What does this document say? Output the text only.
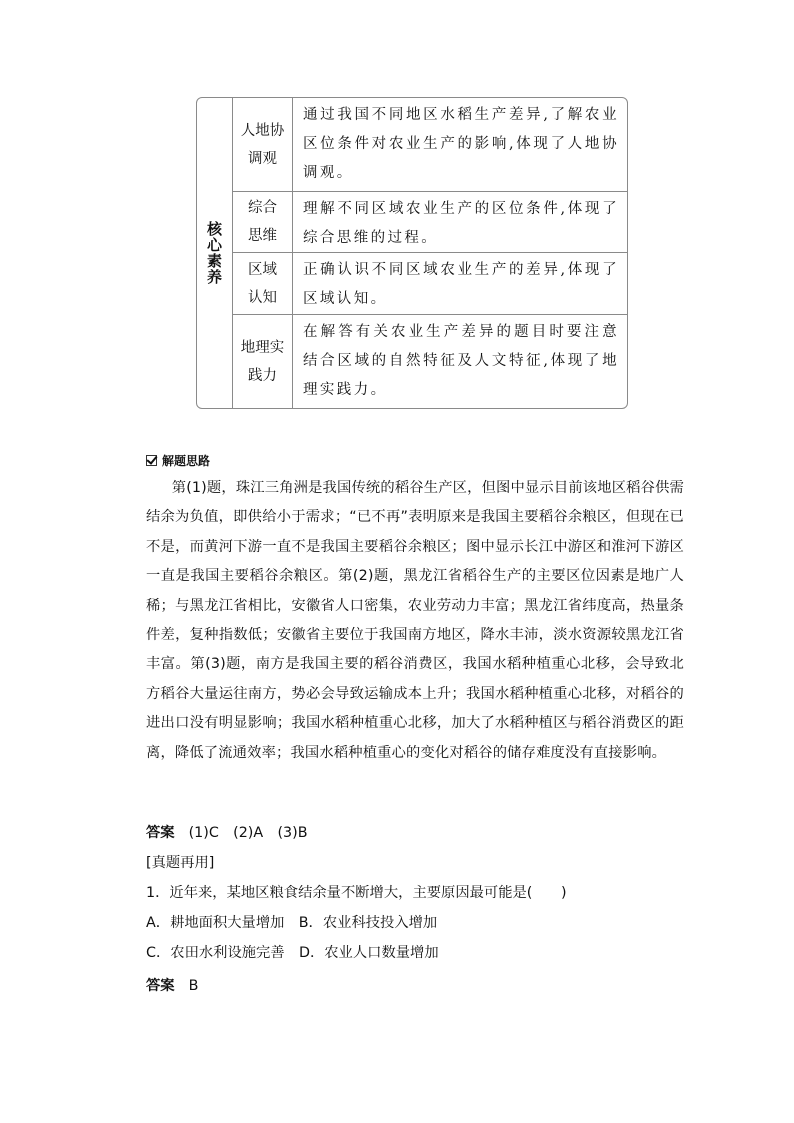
核心素养
人地协调观
通过我国不同地区水稻生产差异,了解农业区位条件对农业生产的影响,体现了人地协调观。
综合思维
理解不同区域农业生产的区位条件,体现了综合思维的过程。
区域认知
正确认识不同区域农业生产的差异,体现了区域认知。
地理实践力
在解答有关农业生产差异的题目时要注意结合区域的自然特征及人文特征,体现了地理实践力。
解题思路
第(1)题，珠江三角洲是我国传统的稻谷生产区，但图中显示目前该地区稻谷供需结余为负值，即供给小于需求；“已不再”表明原来是我国主要稻谷余粮区，但现在已不是，而黄河下游一直不是我国主要稻谷余粮区；图中显示长江中游区和淮河下游区一直是我国主要稻谷余粮区。第(2)题，黑龙江省稻谷生产的主要区位因素是地广人稀；与黑龙江省相比，安徽省人口密集，农业劳动力丰富；黑龙江省纬度高，热量条件差，复种指数低；安徽省主要位于我国南方地区，降水丰沛，淡水资源较黑龙江省丰富。第(3)题，南方是我国主要的稻谷消费区，我国水稻种植重心北移，会导致北方稻谷大量运往南方，势必会导致运输成本上升；我国水稻种植重心北移，对稻谷的进出口没有明显影响；我国水稻种植重心北移，加大了水稻种植区与稻谷消费区的距离，降低了流通效率；我国水稻种植重心的变化对稻谷的储存难度没有直接影响。
答案 (1)C　(2)A　(3)B
[真题再用]
1．近年来，某地区粮食结余量不断增大，主要原因最可能是(　　)
A．耕地面积大量增加　B．农业科技投入增加
C．农田水利设施完善　D．农业人口数量增加
答案 B
